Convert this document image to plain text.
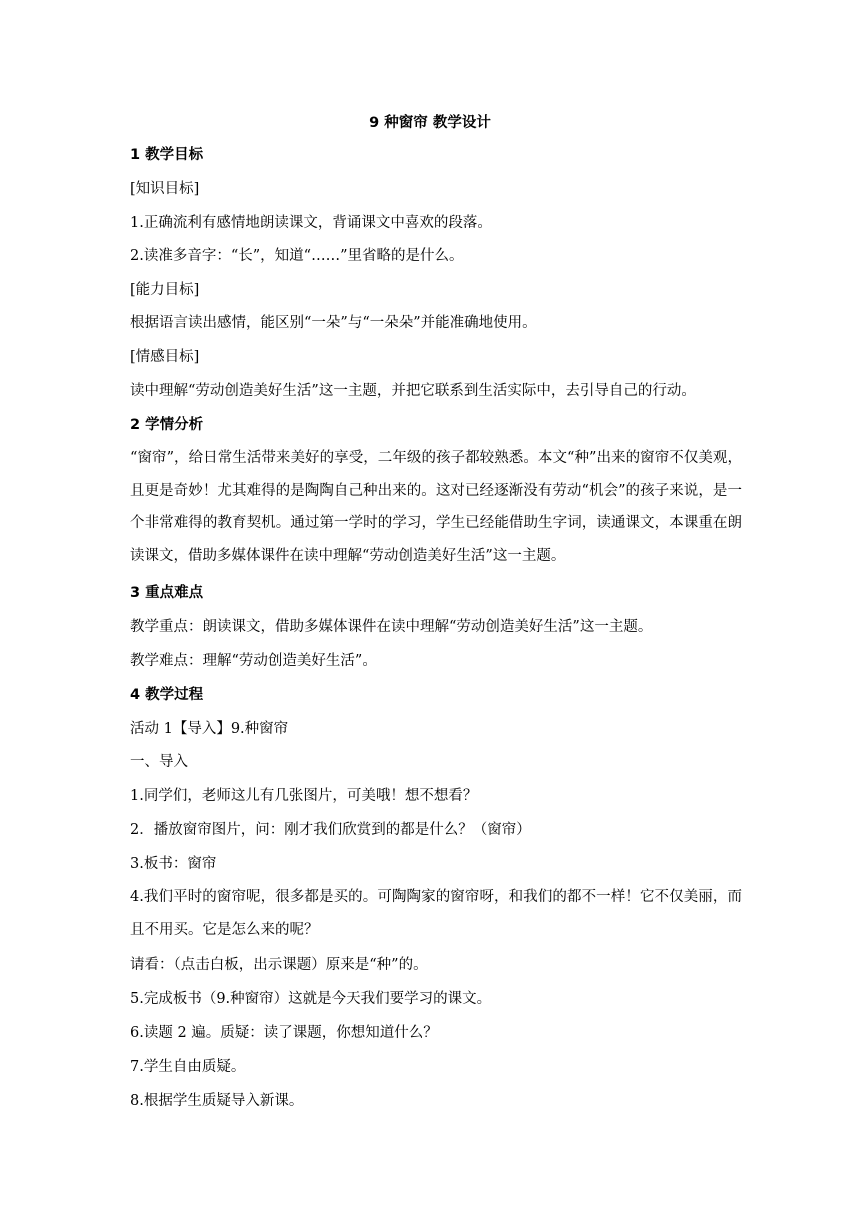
9 种窗帘 教学设计

1 教学目标

[知识目标]

1.正确流利有感情地朗读课文，背诵课文中喜欢的段落。

2.读准多音字：“长”，知道“……”里省略的是什么。

[能力目标]

根据语言读出感情，能区别“一朵”与“一朵朵”并能准确地使用。

[情感目标]

读中理解“劳动创造美好生活”这一主题，并把它联系到生活实际中，去引导自己的行动。

2 学情分析

“窗帘”，给日常生活带来美好的享受，二年级的孩子都较熟悉。本文“种”出来的窗帘不仅美观，且更是奇妙！尤其难得的是陶陶自己种出来的。这对已经逐渐没有劳动“机会”的孩子来说，是一个非常难得的教育契机。通过第一学时的学习，学生已经能借助生字词，读通课文，本课重在朗读课文，借助多媒体课件在读中理解“劳动创造美好生活”这一主题。

3 重点难点

教学重点：朗读课文，借助多媒体课件在读中理解“劳动创造美好生活”这一主题。

教学难点：理解“劳动创造美好生活”。

4 教学过程

活动 1【导入】9.种窗帘

一、导入

1.同学们，老师这儿有几张图片，可美哦！想不想看？

2．播放窗帘图片，问：刚才我们欣赏到的都是什么？（窗帘）

3.板书：窗帘

4.我们平时的窗帘呢，很多都是买的。可陶陶家的窗帘呀，和我们的都不一样！它不仅美丽，而且不用买。它是怎么来的呢？

请看：（点击白板，出示课题）原来是“种”的。

5.完成板书（9.种窗帘）这就是今天我们要学习的课文。

6.读题 2 遍。质疑：读了课题，你想知道什么？

7.学生自由质疑。

8.根据学生质疑导入新课。
